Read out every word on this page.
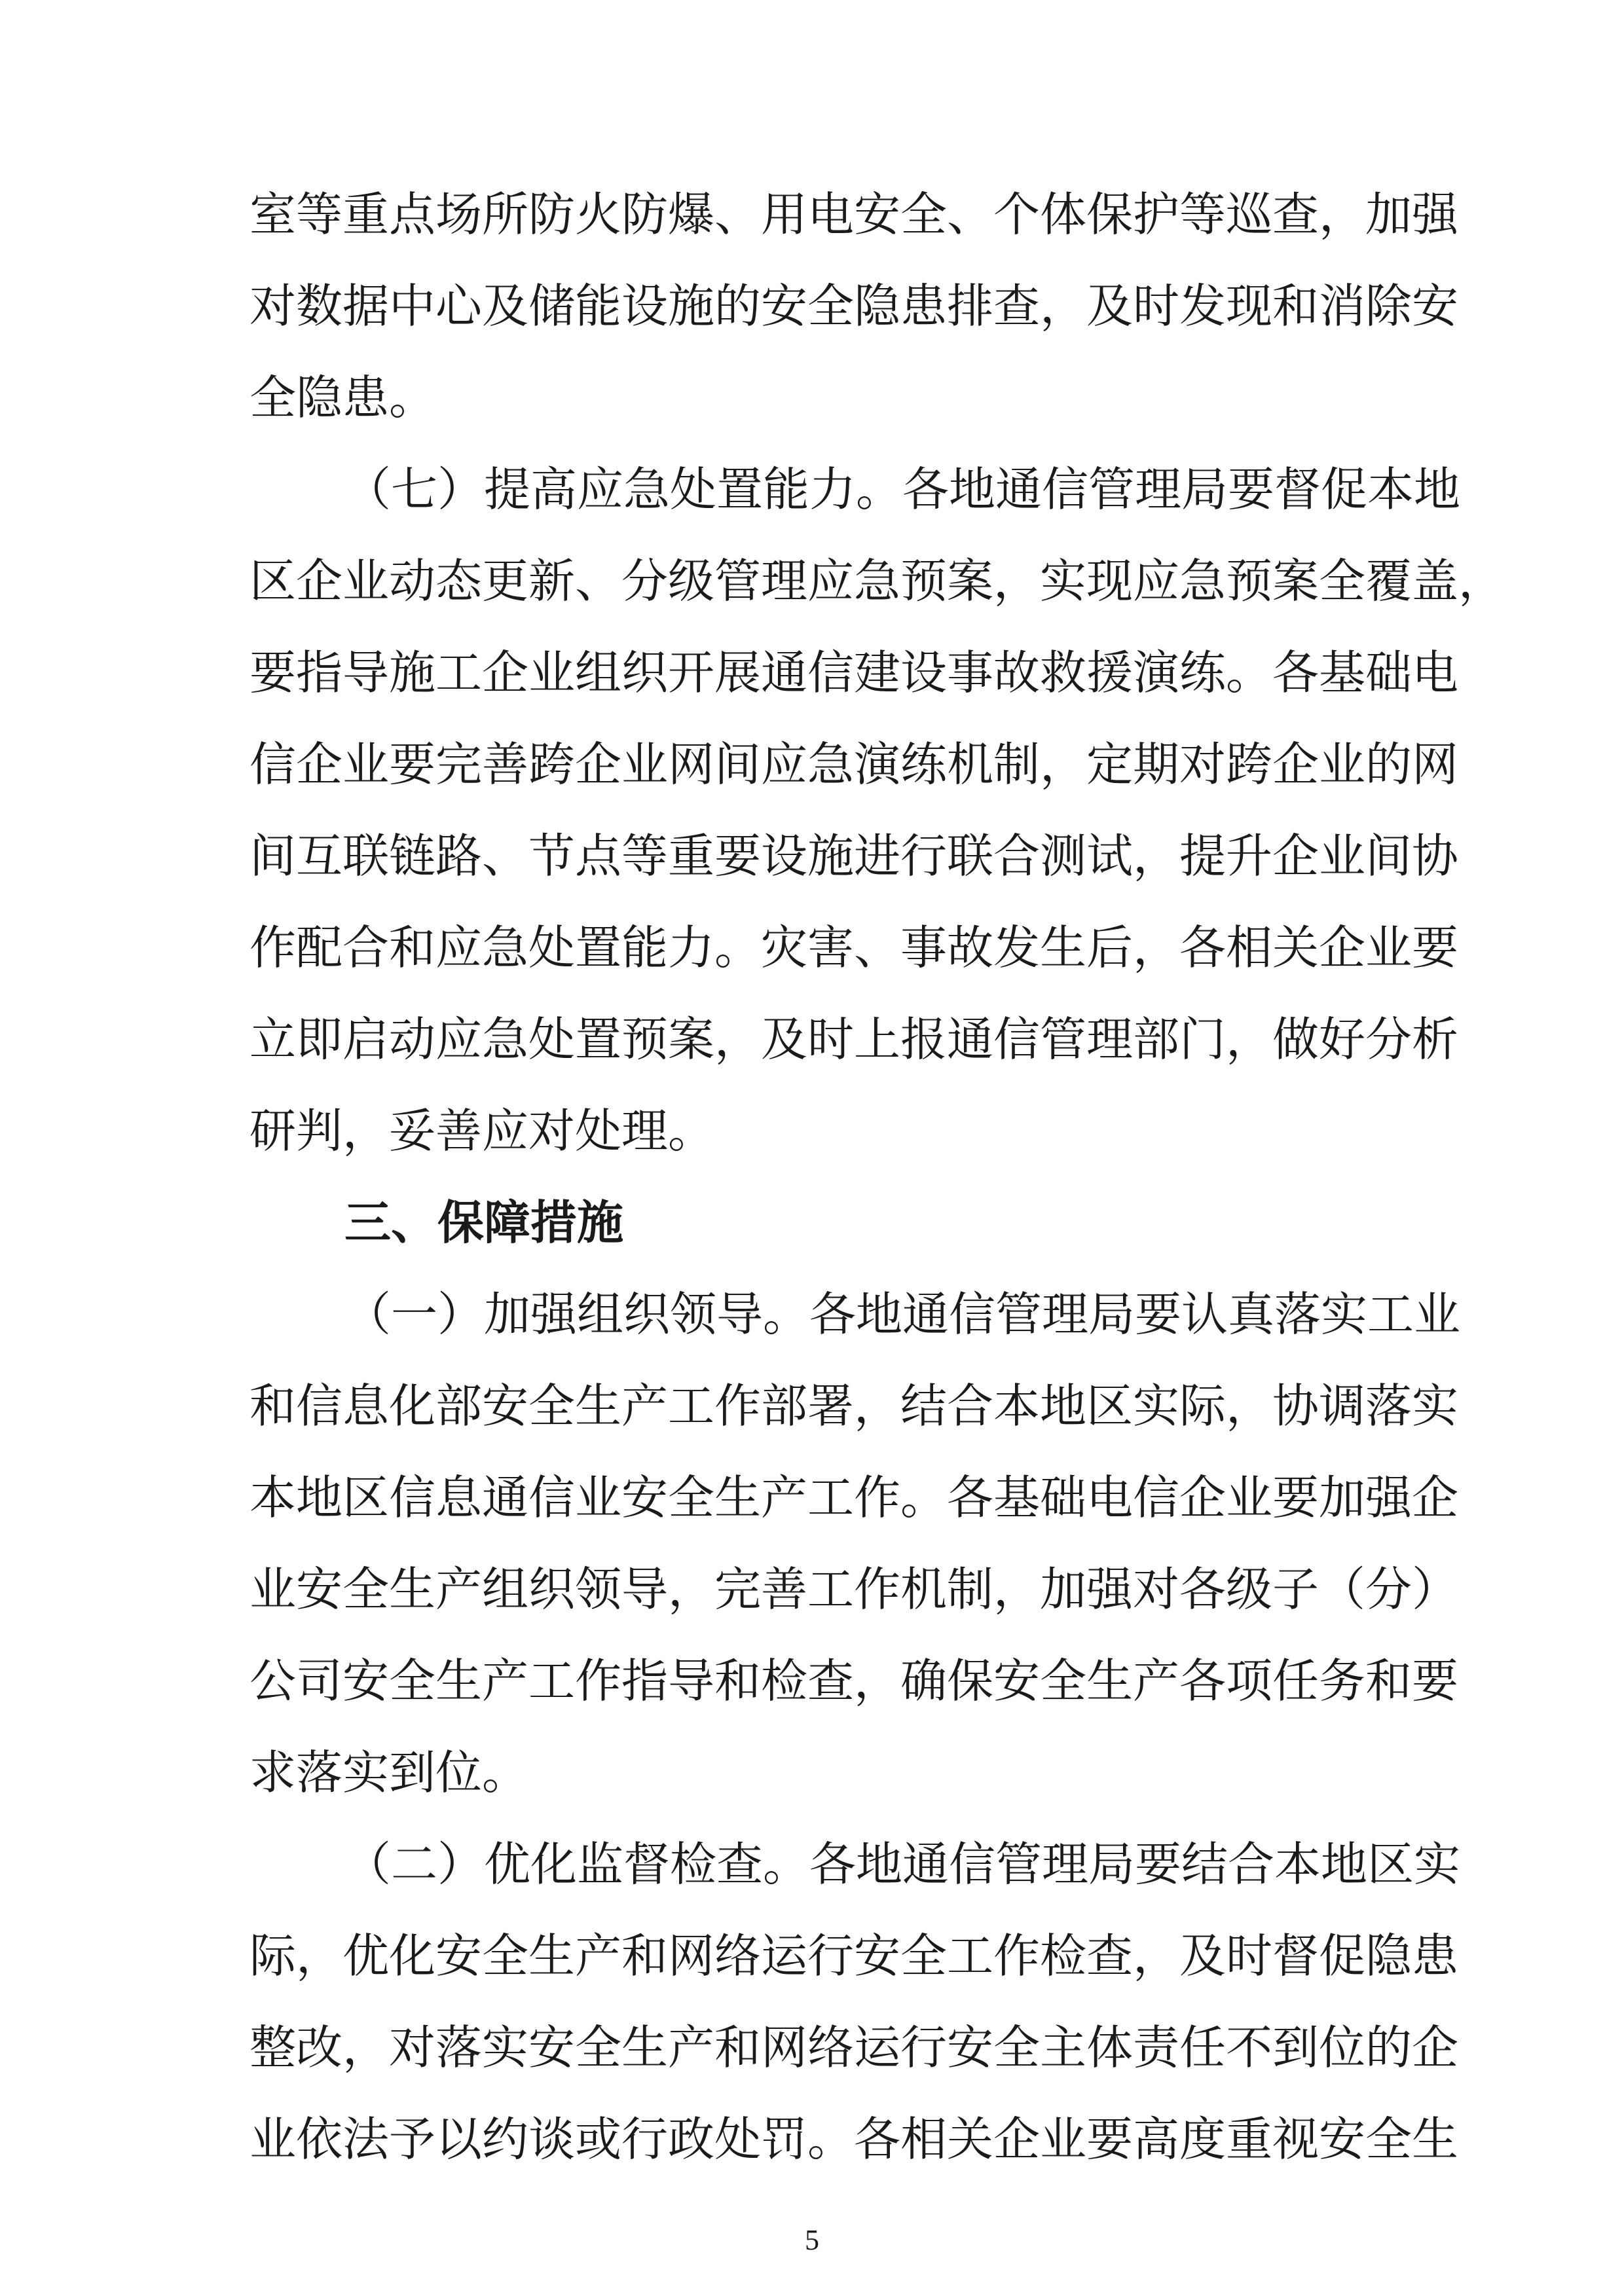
室等重点场所防火防爆、用电安全、个体保护等巡查，加强
对数据中心及储能设施的安全隐患排查，及时发现和消除安
全隐患。
（七）提高应急处置能力。各地通信管理局要督促本地
区企业动态更新、分级管理应急预案，实现应急预案全覆盖，
要指导施工企业组织开展通信建设事故救援演练。各基础电
信企业要完善跨企业网间应急演练机制，定期对跨企业的网
间互联链路、节点等重要设施进行联合测试，提升企业间协
作配合和应急处置能力。灾害、事故发生后，各相关企业要
立即启动应急处置预案，及时上报通信管理部门，做好分析
研判，妥善应对处理。
三、保障措施
（一）加强组织领导。各地通信管理局要认真落实工业
和信息化部安全生产工作部署，结合本地区实际，协调落实
本地区信息通信业安全生产工作。各基础电信企业要加强企
业安全生产组织领导，完善工作机制，加强对各级子（分）
公司安全生产工作指导和检查，确保安全生产各项任务和要
求落实到位。
（二）优化监督检查。各地通信管理局要结合本地区实
际，优化安全生产和网络运行安全工作检查，及时督促隐患
整改，对落实安全生产和网络运行安全主体责任不到位的企
业依法予以约谈或行政处罚。各相关企业要高度重视安全生
5
